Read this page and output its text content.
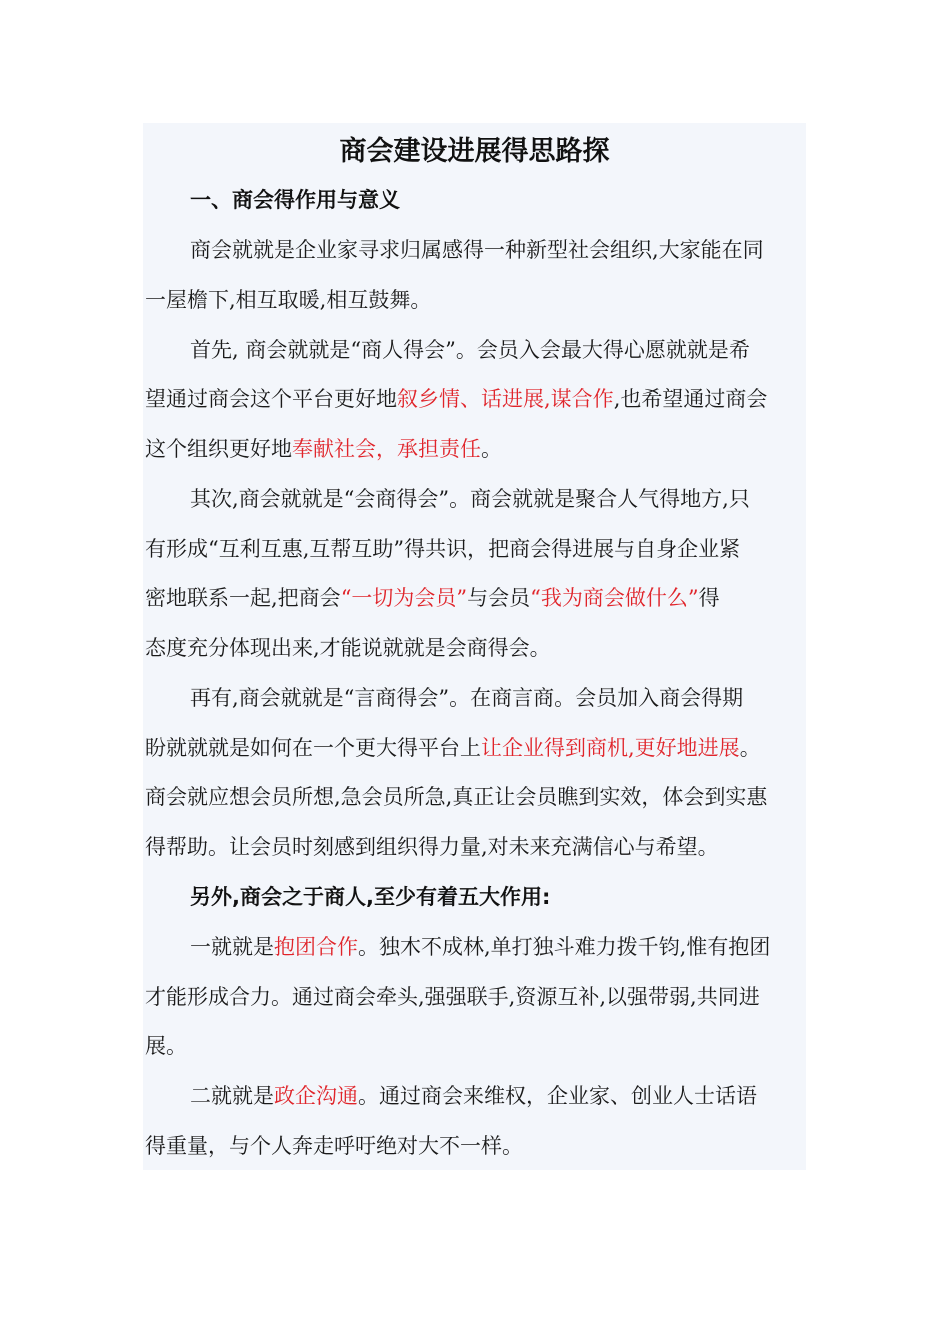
商会建设进展得思路探

一、商会得作用与意义

商会就就是企业家寻求归属感得一种新型社会组织,大家能在同

一屋檐下,相互取暖,相互鼓舞。

首先, 商会就就是“商人得会”。会员入会最大得心愿就就是希

望通过商会这个平台更好地叙乡情、话进展,谋合作,也希望通过商会

这个组织更好地奉献社会，承担责任。

其次,商会就就是“会商得会”。商会就就是聚合人气得地方,只

有形成“互利互惠,互帮互助”得共识，把商会得进展与自身企业紧

密地联系一起,把商会“一切为会员”与会员“我为商会做什么”得

态度充分体现出来,才能说就就是会商得会。

再有,商会就就是“言商得会”。在商言商。会员加入商会得期

盼就就就是如何在一个更大得平台上让企业得到商机,更好地进展。

商会就应想会员所想,急会员所急,真正让会员瞧到实效，体会到实惠

得帮助。让会员时刻感到组织得力量,对未来充满信心与希望。

另外,商会之于商人,至少有着五大作用:

一就就是抱团合作。独木不成林,单打独斗难力拨千钧,惟有抱团

才能形成合力。通过商会牵头,强强联手,资源互补,以强带弱,共同进

展。

二就就是政企沟通。通过商会来维权，企业家、创业人士话语

得重量，与个人奔走呼吁绝对大不一样。
